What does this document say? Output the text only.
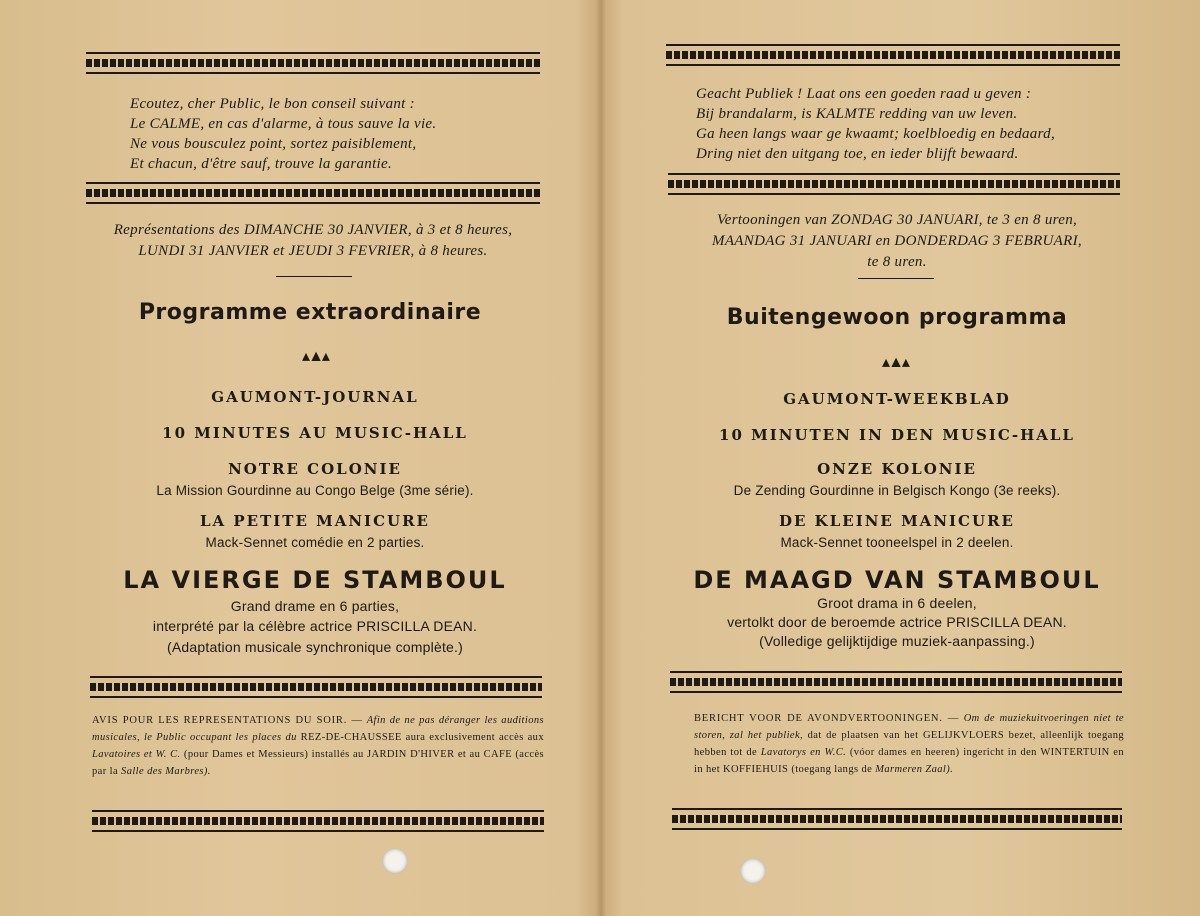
Ecoutez, cher Public, le bon conseil suivant :
Le CALME, en cas d'alarme, à tous sauve la vie.
Ne vous bousculez point, sortez paisiblement,
Et chacun, d'être sauf, trouve la garantie.
Représentations des DIMANCHE 30 JANVIER, à 3 et 8 heures,
LUNDI 31 JANVIER et JEUDI 3 FEVRIER, à 8 heures.
Programme extraordinaire
▴▲▴
GAUMONT-JOURNAL
10 MINUTES AU MUSIC-HALL
NOTRE COLONIE
La Mission Gourdinne au Congo Belge (3me série).
LA PETITE MANICURE
Mack-Sennet comédie en 2 parties.
LA VIERGE DE STAMBOUL
Grand drame en 6 parties,
interprété par la célèbre actrice PRISCILLA DEAN.
(Adaptation musicale synchronique complète.)
AVIS POUR LES REPRESENTATIONS DU SOIR. — Afin de ne pas déranger les auditions musicales, le Public occupant les places du REZ-DE-CHAUSSEE aura exclusivement accès aux Lavatoires et W. C. (pour Dames et Messieurs) installés au JARDIN D'HIVER et au CAFE (accès par la Salle des Marbres).
Geacht Publiek ! Laat ons een goeden raad u geven :
Bij brandalarm, is KALMTE redding van uw leven.
Ga heen langs waar ge kwaamt; koelbloedig en bedaard,
Dring niet den uitgang toe, en ieder blijft bewaard.
Vertooningen van ZONDAG 30 JANUARI, te 3 en 8 uren,
MAANDAG 31 JANUARI en DONDERDAG 3 FEBRUARI,
te 8 uren.
Buitengewoon programma
▴▲▴
GAUMONT-WEEKBLAD
10 MINUTEN IN DEN MUSIC-HALL
ONZE KOLONIE
De Zending Gourdinne in Belgisch Kongo (3e reeks).
DE KLEINE MANICURE
Mack-Sennet tooneelspel in 2 deelen.
DE MAAGD VAN STAMBOUL
Groot drama in 6 deelen,
vertolkt door de beroemde actrice PRISCILLA DEAN.
(Volledige gelijktijdige muziek-aanpassing.)
BERICHT VOOR DE AVONDVERTOONINGEN. — Om de muziekuitvoeringen niet te storen, zal het publiek, dat de plaatsen van het GELIJKVLOERS bezet, alleenlijk toegang hebben tot de Lavatorys en W.C. (vóor dames en heeren) ingericht in den WINTERTUIN en in het KOFFIEHUIS (toegang langs de Marmeren Zaal).
